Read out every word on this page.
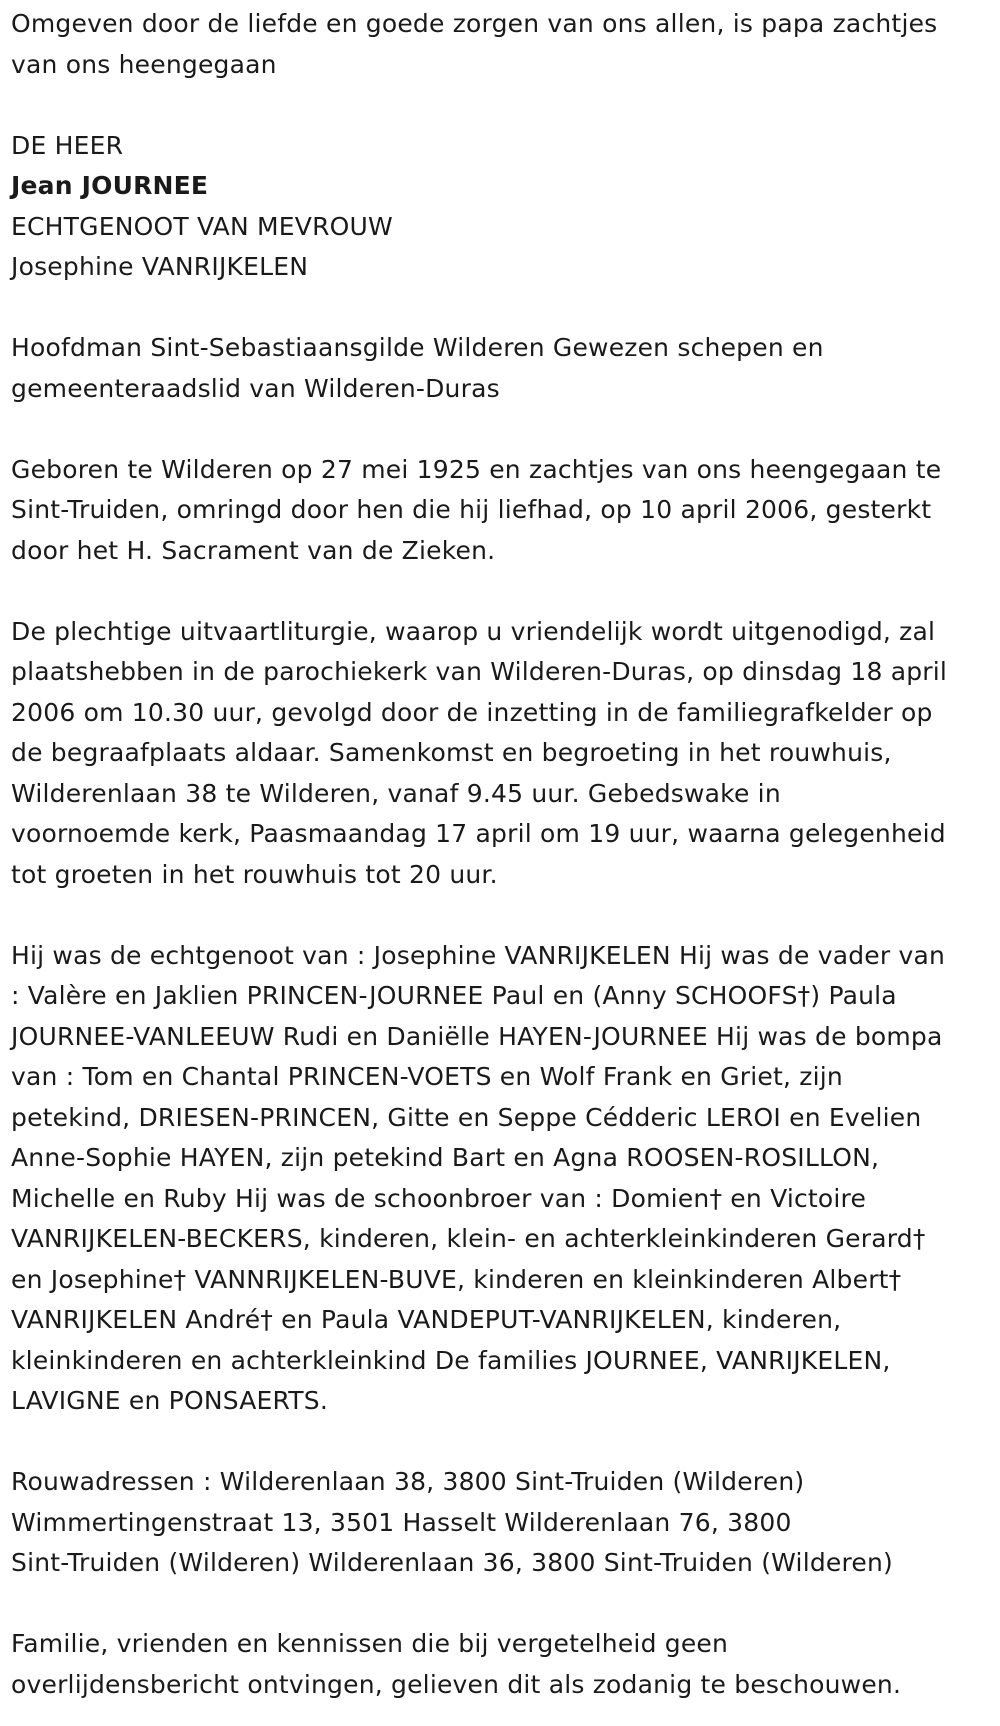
Omgeven door de liefde en goede zorgen van ons allen, is papa zachtjes
van ons heengegaan

DE HEER

Jean JOURNEE

ECHTGENOOT VAN MEVROUW

Josephine VANRIJKELEN

Hoofdman Sint-Sebastiaansgilde Wilderen Gewezen schepen en
gemeenteraadslid van Wilderen-Duras

Geboren te Wilderen op 27 mei 1925 en zachtjes van ons heengegaan te
Sint-Truiden, omringd door hen die hij liefhad, op 10 april 2006, gesterkt
door het H. Sacrament van de Zieken.

De plechtige uitvaartliturgie, waarop u vriendelijk wordt uitgenodigd, zal
plaatshebben in de parochiekerk van Wilderen-Duras, op dinsdag 18 april
2006 om 10.30 uur, gevolgd door de inzetting in de familiegrafkelder op
de begraafplaats aldaar. Samenkomst en begroeting in het rouwhuis,
Wilderenlaan 38 te Wilderen, vanaf 9.45 uur. Gebedswake in
voornoemde kerk, Paasmaandag 17 april om 19 uur, waarna gelegenheid
tot groeten in het rouwhuis tot 20 uur.

Hij was de echtgenoot van : Josephine VANRIJKELEN Hij was de vader van
: Valère en Jaklien PRINCEN-JOURNEE Paul en (Anny SCHOOFS†) Paula
JOURNEE-VANLEEUW Rudi en Daniëlle HAYEN-JOURNEE Hij was de bompa
van : Tom en Chantal PRINCEN-VOETS en Wolf Frank en Griet, zijn
petekind, DRIESEN-PRINCEN, Gitte en Seppe Cédderic LEROI en Evelien
Anne-Sophie HAYEN, zijn petekind Bart en Agna ROOSEN-ROSILLON,
Michelle en Ruby Hij was de schoonbroer van : Domien† en Victoire
VANRIJKELEN-BECKERS, kinderen, klein- en achterkleinkinderen Gerard†
en Josephine† VANNRIJKELEN-BUVE, kinderen en kleinkinderen Albert†
VANRIJKELEN André† en Paula VANDEPUT-VANRIJKELEN, kinderen,
kleinkinderen en achterkleinkind De families JOURNEE, VANRIJKELEN,
LAVIGNE en PONSAERTS.

Rouwadressen : Wilderenlaan 38, 3800 Sint-Truiden (Wilderen)
Wimmertingenstraat 13, 3501 Hasselt Wilderenlaan 76, 3800
Sint-Truiden (Wilderen) Wilderenlaan 36, 3800 Sint-Truiden (Wilderen)

Familie, vrienden en kennissen die bij vergetelheid geen
overlijdensbericht ontvingen, gelieven dit als zodanig te beschouwen.
